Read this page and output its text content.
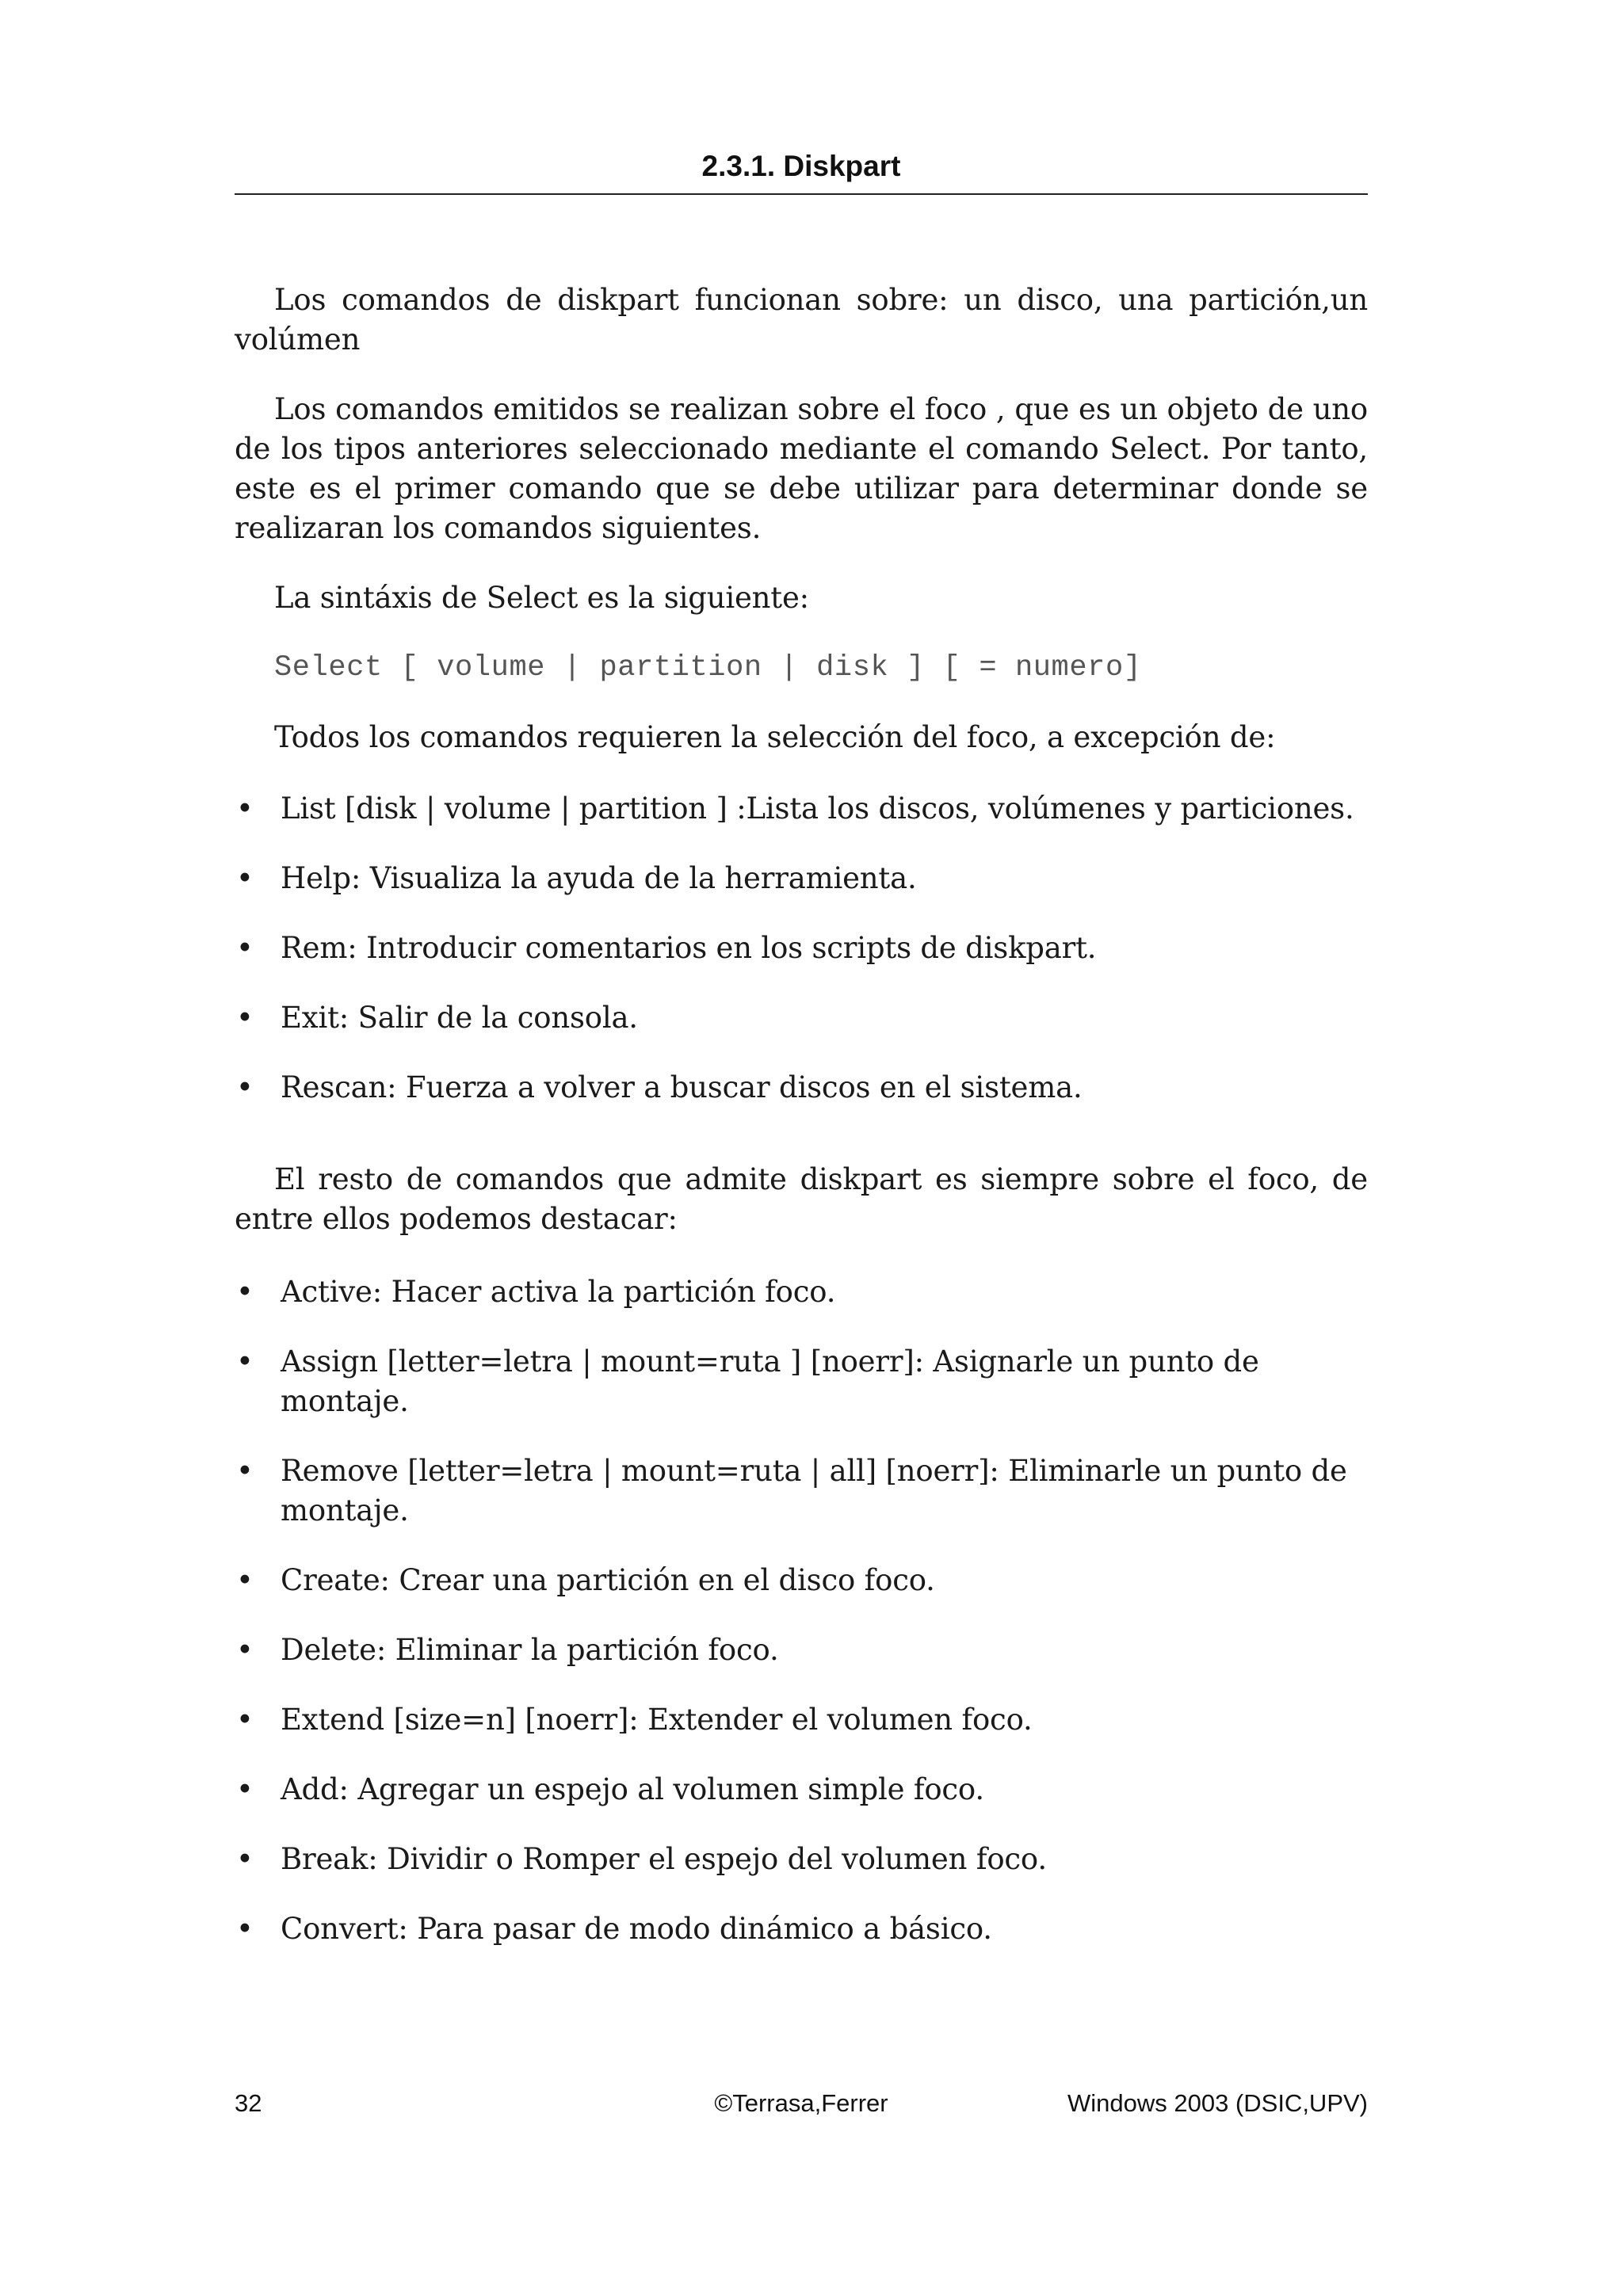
2.3.1. Diskpart

Los comandos de diskpart funcionan sobre: un disco, una partición,un volúmen

Los comandos emitidos se realizan sobre el foco , que es un objeto de uno de los tipos anteriores seleccionado mediante el comando Select. Por tanto, este es el primer comando que se debe utilizar para determinar donde se realizaran los comandos siguientes.

La sintáxis de Select es la siguiente:

Select [ volume | partition | disk ] [ = numero]

Todos los comandos requieren la selección del foco, a excepción de:

• List [disk | volume | partition ] :Lista los discos, volúmenes y particiones.
• Help: Visualiza la ayuda de la herramienta.
• Rem: Introducir comentarios en los scripts de diskpart.
• Exit: Salir de la consola.
• Rescan: Fuerza a volver a buscar discos en el sistema.

El resto de comandos que admite diskpart es siempre sobre el foco, de entre ellos podemos destacar:

• Active: Hacer activa la partición foco.
• Assign [letter=letra | mount=ruta ] [noerr]: Asignarle un punto de montaje.
• Remove [letter=letra | mount=ruta | all] [noerr]: Eliminarle un punto de montaje.
• Create: Crear una partición en el disco foco.
• Delete: Eliminar la partición foco.
• Extend [size=n] [noerr]: Extender el volumen foco.
• Add: Agregar un espejo al volumen simple foco.
• Break: Dividir o Romper el espejo del volumen foco.
• Convert: Para pasar de modo dinámico a básico.
32	©Terrasa,Ferrer	Windows 2003 (DSIC,UPV)
